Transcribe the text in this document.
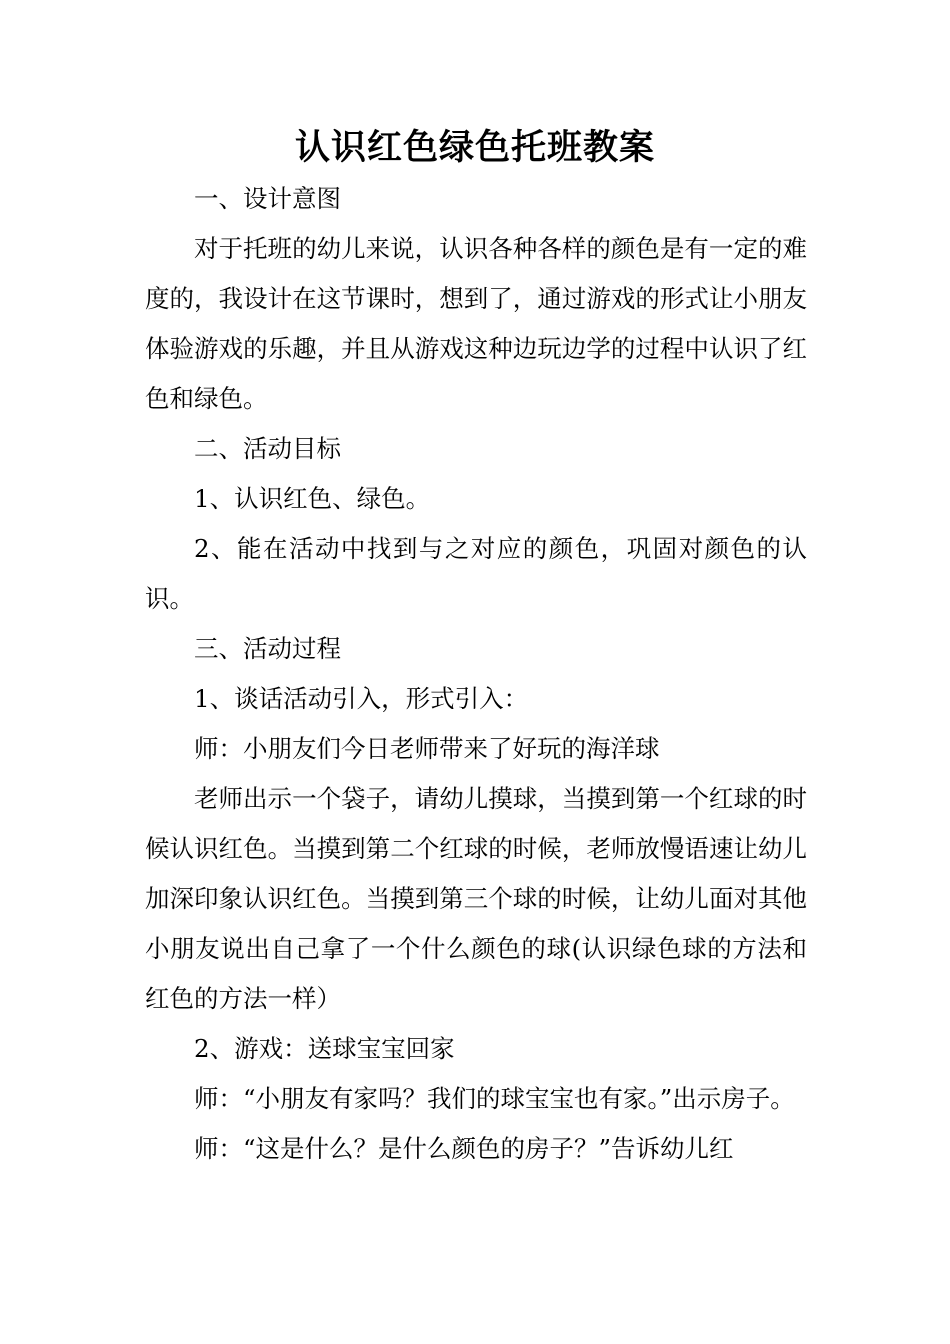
认识红色绿色托班教案

一、设计意图

对于托班的幼儿来说，认识各种各样的颜色是有一定的难度的，我设计在这节课时，想到了，通过游戏的形式让小朋友体验游戏的乐趣，并且从游戏这种边玩边学的过程中认识了红色和绿色。

二、活动目标

1、认识红色、绿色。

2、能在活动中找到与之对应的颜色，巩固对颜色的认识。

三、活动过程

1、谈话活动引入，形式引入：

师：小朋友们今日老师带来了好玩的海洋球

老师出示一个袋子，请幼儿摸球，当摸到第一个红球的时候认识红色。当摸到第二个红球的时候，老师放慢语速让幼儿加深印象认识红色。当摸到第三个球的时候，让幼儿面对其他小朋友说出自己拿了一个什么颜色的球(认识绿色球的方法和红色的方法一样）

2、游戏：送球宝宝回家

师：“小朋友有家吗？我们的球宝宝也有家。”出示房子。

师：“这是什么？是什么颜色的房子？”告诉幼儿红
